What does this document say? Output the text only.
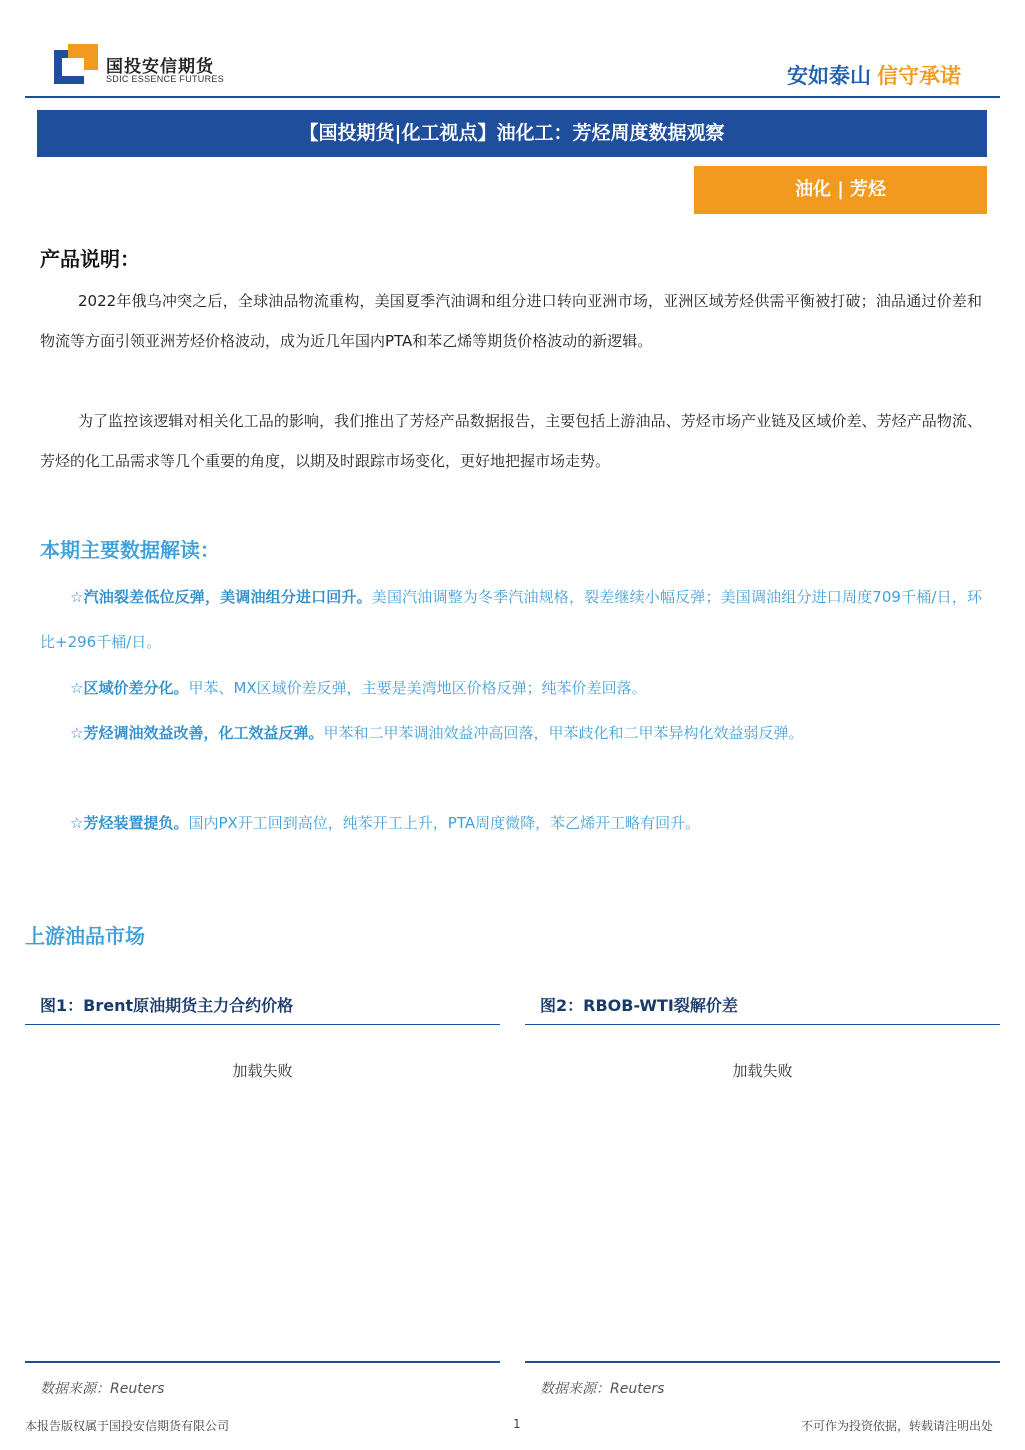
国投安信期货
SDIC ESSENCE FUTURES	安如泰山 信守承诺
【国投期货|化工视点】油化工：芳烃周度数据观察
油化 | 芳烃
产品说明：

2022年俄乌冲突之后，全球油品物流重构，美国夏季汽油调和组分进口转向亚洲市场，亚洲区域芳烃供需平衡被打破；油品通过价差和物流等方面引领亚洲芳烃价格波动，成为近几年国内PTA和苯乙烯等期货价格波动的新逻辑。

为了监控该逻辑对相关化工品的影响，我们推出了芳烃产品数据报告，主要包括上游油品、芳烃市场产业链及区域价差、芳烃产品物流、芳烃的化工品需求等几个重要的角度，以期及时跟踪市场变化，更好地把握市场走势。

本期主要数据解读：

☆汽油裂差低位反弹，美调油组分进口回升。美国汽油调整为冬季汽油规格，裂差继续小幅反弹；美国调油组分进口周度709千桶/日，环比+296千桶/日。

☆区域价差分化。甲苯、MX区域价差反弹，主要是美湾地区价格反弹；纯苯价差回落。

☆芳烃调油效益改善，化工效益反弹。甲苯和二甲苯调油效益冲高回落，甲苯歧化和二甲苯异构化效益弱反弹。

☆芳烃装置提负。国内PX开工回到高位，纯苯开工上升，PTA周度微降，苯乙烯开工略有回升。

上游油品市场
图1：Brent原油期货主力合约价格
加载失败
数据来源：Reuters
图2：RBOB-WTI裂解价差
加载失败
数据来源：Reuters
本报告版权属于国投安信期货有限公司	1	不可作为投资依据，转载请注明出处
